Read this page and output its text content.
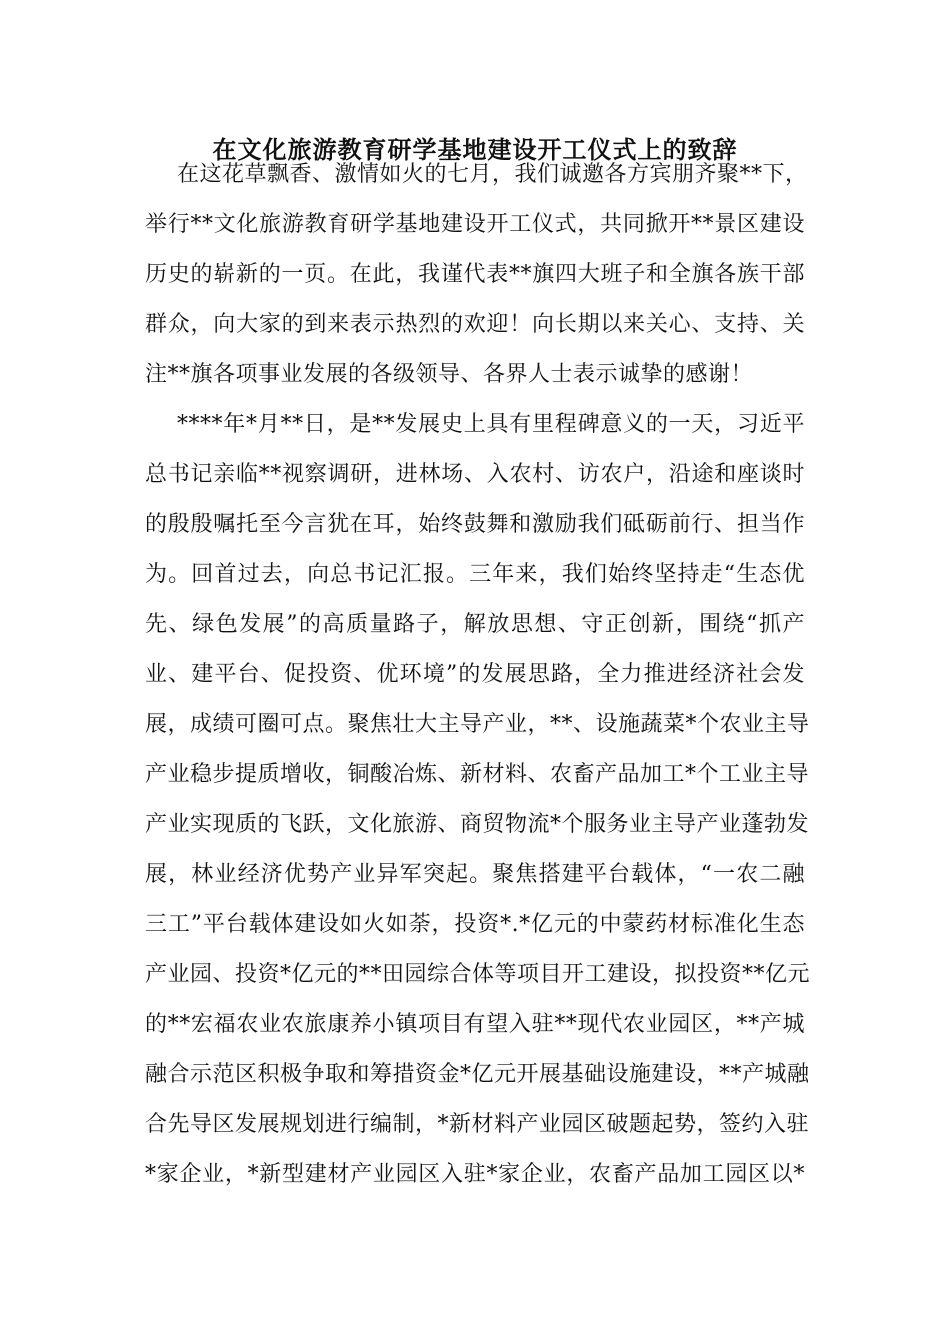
在文化旅游教育研学基地建设开工仪式上的致辞
在这花草飘香、激情如火的七月，我们诚邀各方宾朋齐聚**下，
举行**文化旅游教育研学基地建设开工仪式，共同掀开**景区建设
历史的崭新的一页。在此，我谨代表**旗四大班子和全旗各族干部
群众，向大家的到来表示热烈的欢迎！向长期以来关心、支持、关
注**旗各项事业发展的各级领导、各界人士表示诚挚的感谢！
****年*月**日，是**发展史上具有里程碑意义的一天，习近平
总书记亲临**视察调研，进林场、入农村、访农户，沿途和座谈时
的殷殷嘱托至今言犹在耳，始终鼓舞和激励我们砥砺前行、担当作
为。回首过去，向总书记汇报。三年来，我们始终坚持走“生态优
先、绿色发展”的高质量路子，解放思想、守正创新，围绕“抓产
业、建平台、促投资、优环境”的发展思路，全力推进经济社会发
展，成绩可圈可点。聚焦壮大主导产业，**、设施蔬菜*个农业主导
产业稳步提质增收，铜酸冶炼、新材料、农畜产品加工*个工业主导
产业实现质的飞跃，文化旅游、商贸物流*个服务业主导产业蓬勃发
展，林业经济优势产业异军突起。聚焦搭建平台载体，“一农二融
三工”平台载体建设如火如荼，投资*.*亿元的中蒙药材标准化生态
产业园、投资*亿元的**田园综合体等项目开工建设，拟投资**亿元
的**宏福农业农旅康养小镇项目有望入驻**现代农业园区，**产城
融合示范区积极争取和筹措资金*亿元开展基础设施建设，**产城融
合先导区发展规划进行编制，*新材料产业园区破题起势，签约入驻
*家企业，*新型建材产业园区入驻*家企业，农畜产品加工园区以*
